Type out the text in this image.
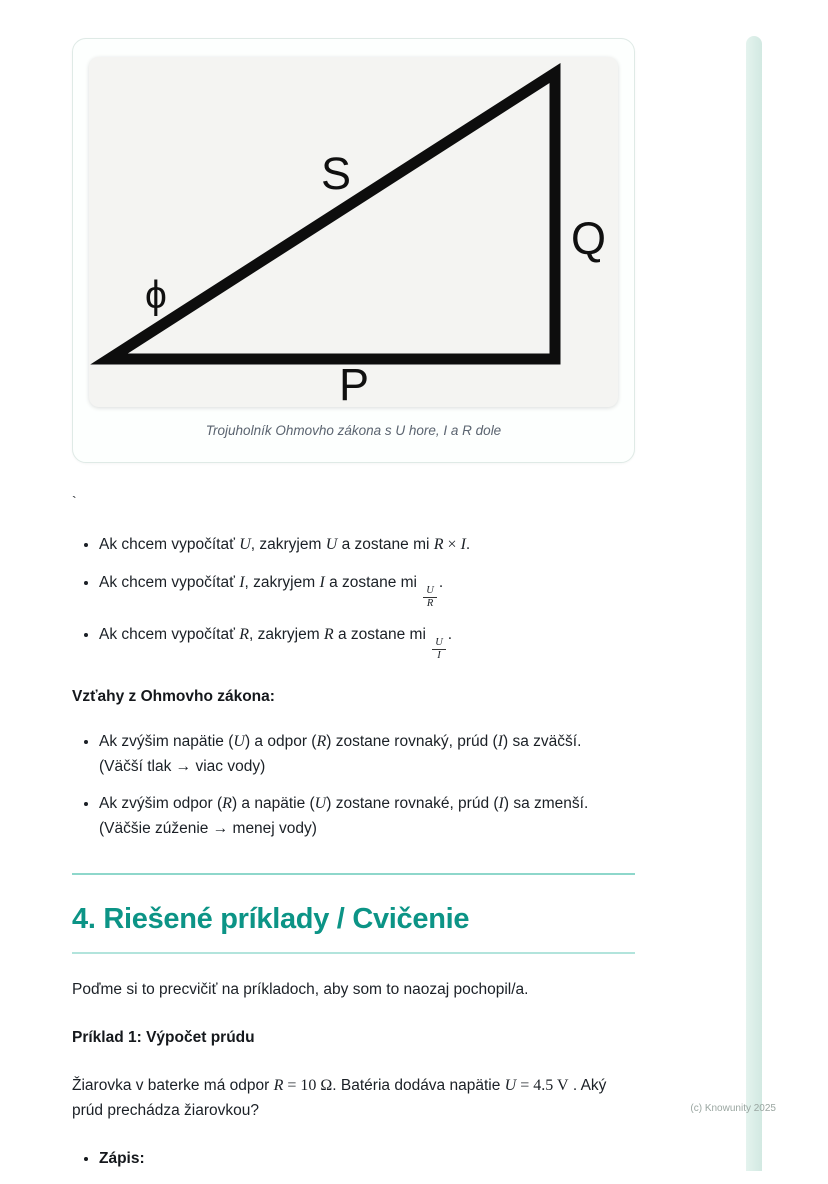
S
Q
P
ϕ
Trojuholník Ohmovho zákona s U hore, I a R dole
`
• Ak chcem vypočítať U, zakryjem U a zostane mi R × I.
• Ak chcem vypočítať I, zakryjem I a zostane mi
$\frac{U}{R}$
.
• Ak chcem vypočítať R, zakryjem R a zostane mi
$\frac{U}{I}$
.
Vzťahy z Ohmovho zákona:
• Ak zvýšim napätie (U) a odpor (R) zostane rovnaký, prúd (I) sa zväčší.
(Väčší tlak → viac vody)
• Ak zvýšim odpor (R) a napätie (U) zostane rovnaké, prúd (I) sa zmenší.
(Väčšie zúženie → menej vody)
4. Riešené príklady / Cvičenie

Poďme si to precvičiť na príkladoch, aby som to naozaj pochopil/a.

Príklad 1: Výpočet prúdu

Žiarovka v baterke má odpor R = 10 Ω. Batéria dodáva napätie U = 4.5 V . Aký prúd prechádza žiarovkou?

• Zápis:
(c) Knowunity 2025
